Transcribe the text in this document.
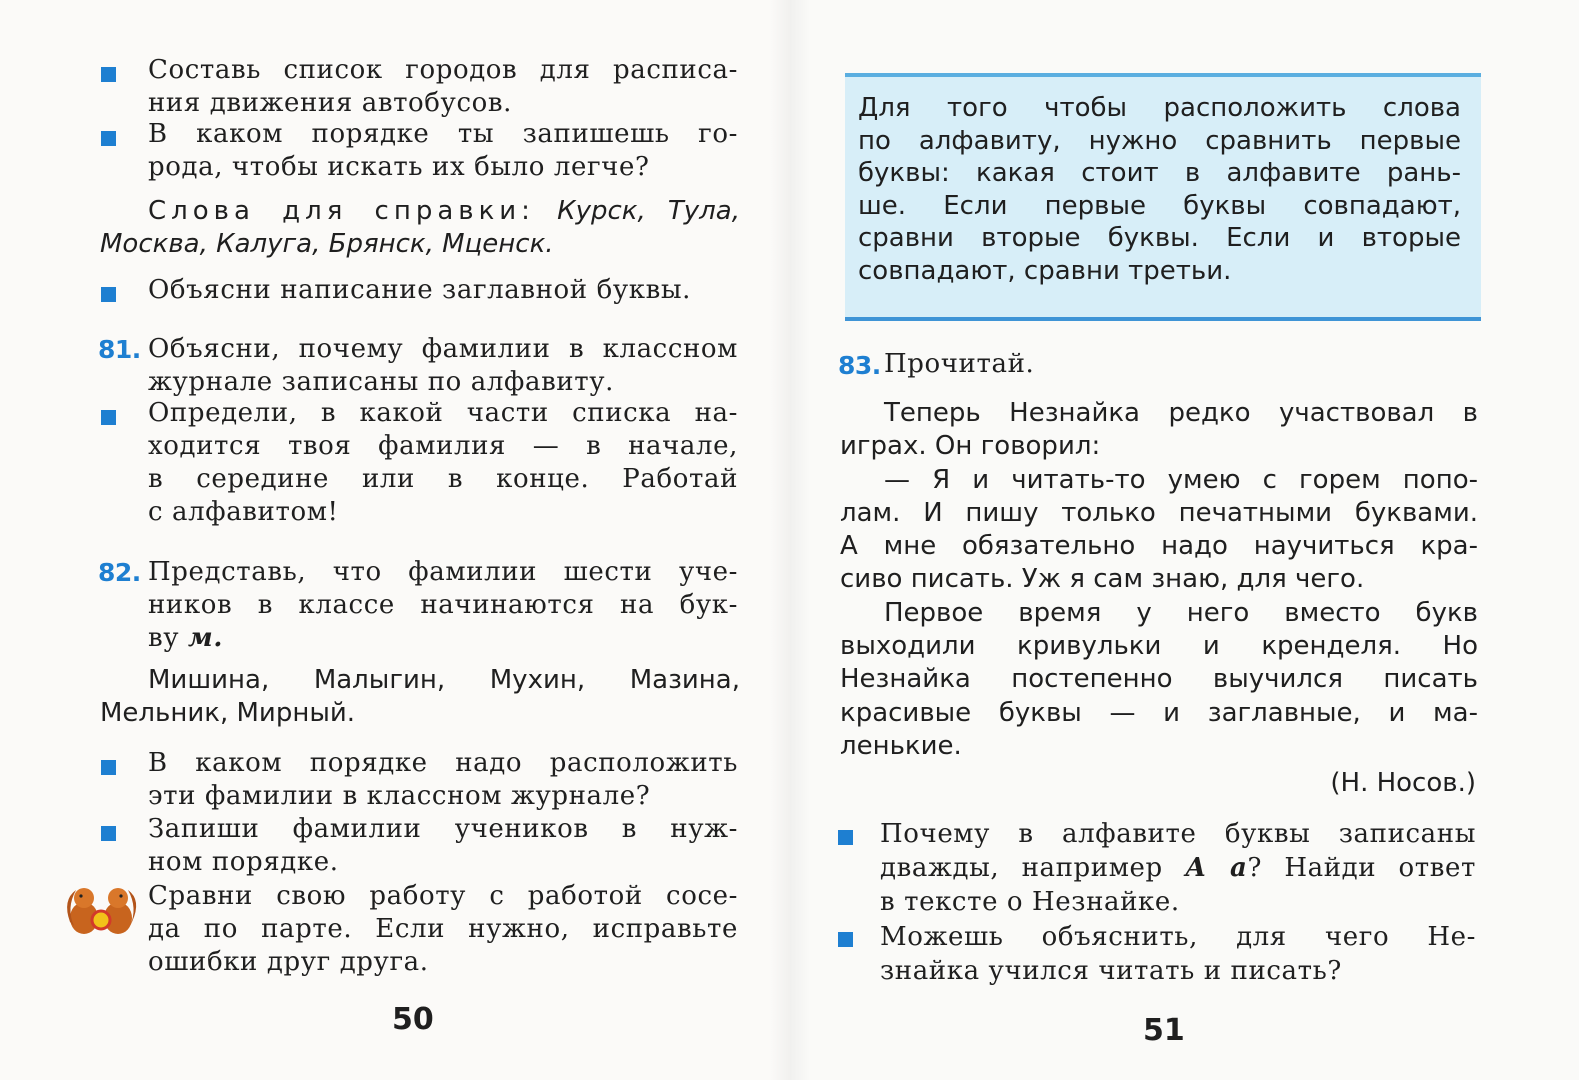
Составь список городов для расписа-
ния движения автобусов.
В каком порядке ты запишешь го-
рода, чтобы искать их было легче?
Слова для справки: Курск, Тула,
Москва, Калуга, Брянск, Мценск.
Объясни написание заглавной буквы.
81. Объясни, почему фамилии в классном
журнале записаны по алфавиту.
Определи, в какой части списка на-
ходится твоя фамилия — в начале,
в середине или в конце. Работай
с алфавитом!
82. Представь, что фамилии шести уче-
ников в классе начинаются на бук-
ву м.
Мишина, Малыгин, Мухин, Мазина,
Мельник, Мирный.
В каком порядке надо расположить
эти фамилии в классном журнале?
Запиши фамилии учеников в нуж-
ном порядке.
Сравни свою работу с работой сосе-
да по парте. Если нужно, исправьте
ошибки друг друга.
50
Для того чтобы расположить слова
по алфавиту, нужно сравнить первые
буквы: какая стоит в алфавите рань-
ше. Если первые буквы совпадают,
сравни вторые буквы. Если и вторые
совпадают, сравни третьи.
83. Прочитай.
Теперь Незнайка редко участвовал в
играх. Он говорил:
— Я и читать-то умею с горем попо-
лам. И пишу только печатными буквами.
А мне обязательно надо научиться кра-
сиво писать. Уж я сам знаю, для чего.
Первое время у него вместо букв
выходили кривульки и кренделя. Но
Незнайка постепенно выучился писать
красивые буквы — и заглавные, и ма-
ленькие.
(Н. Носов.)
Почему в алфавите буквы записаны
дважды, например А а? Найди ответ
в тексте о Незнайке.
Можешь объяснить, для чего Не-
знайка учился читать и писать?
51
